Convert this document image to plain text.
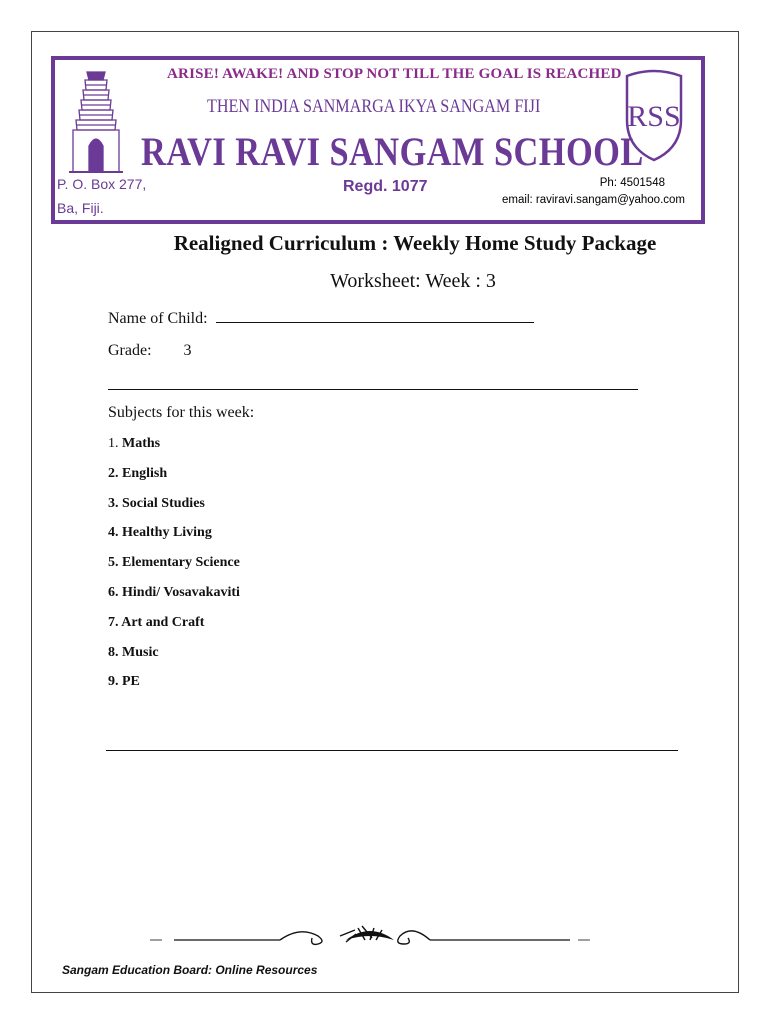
ARISE! AWAKE! AND STOP NOT TILL THE GOAL IS REACHED
THEN INDIA SANMARGA IKYA SANGAM FIJI
RAVI RAVI SANGAM SCHOOL
RSS
P. O. Box 277,
Ba, Fiji.
Regd. 1077	Ph: 4501548
email: raviravi.sangam@yahoo.com
Realigned Curriculum : Weekly Home Study Package
Worksheet: Week : 3
Name of Child:
Grade: 3
Subjects for this week:
1. Maths
2. English
3. Social Studies
4. Healthy Living
5. Elementary Science
6. Hindi/ Vosavakaviti
7. Art and Craft
8. Music
9. PE
Sangam Education Board: Online Resources
